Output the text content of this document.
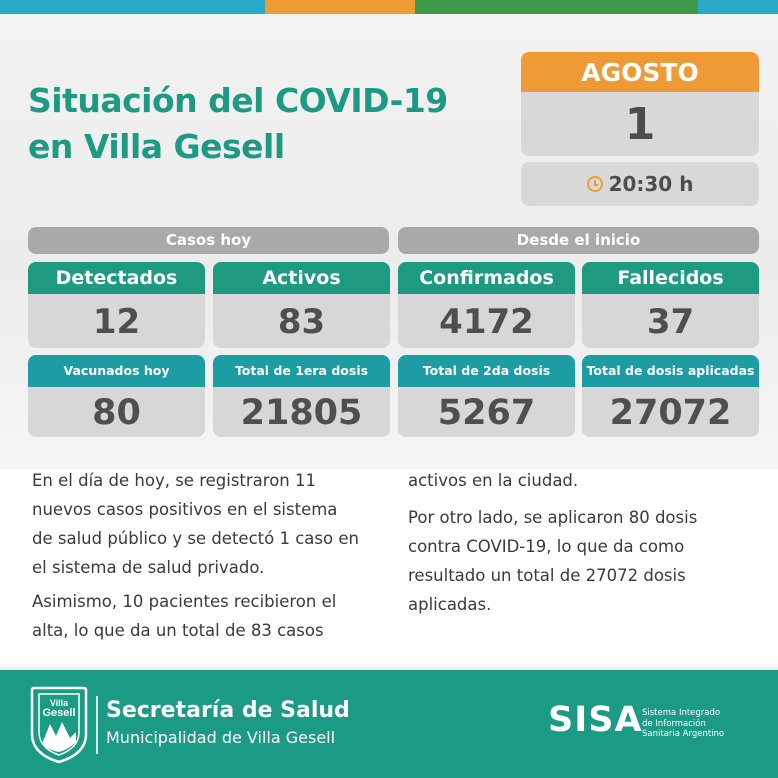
Situación del COVID-19
en Villa Gesell
AGOSTO
1
20:30 h
Casos hoy	Desde el inicio
Detectados
12
Activos
83
Confirmados
4172
Fallecidos
37
Vacunados hoy
80
Total de 1era dosis
21805
Total de 2da dosis
5267
Total de dosis aplicadas
27072
En el día de hoy, se registraron 11
nuevos casos positivos en el sistema
de salud público y se detectó 1 caso en
el sistema de salud privado.
Asimismo, 10 pacientes recibieron el
alta, lo que da un total de 83 casos
activos en la ciudad.
Por otro lado, se aplicaron 80 dosis
contra COVID-19, lo que da como
resultado un total de 27072 dosis
aplicadas.
Villa
Gesell Secretaría de Salud
Municipalidad de Villa Gesell	SISA Sistema Integrado
de Información
Sanitaria Argentino
